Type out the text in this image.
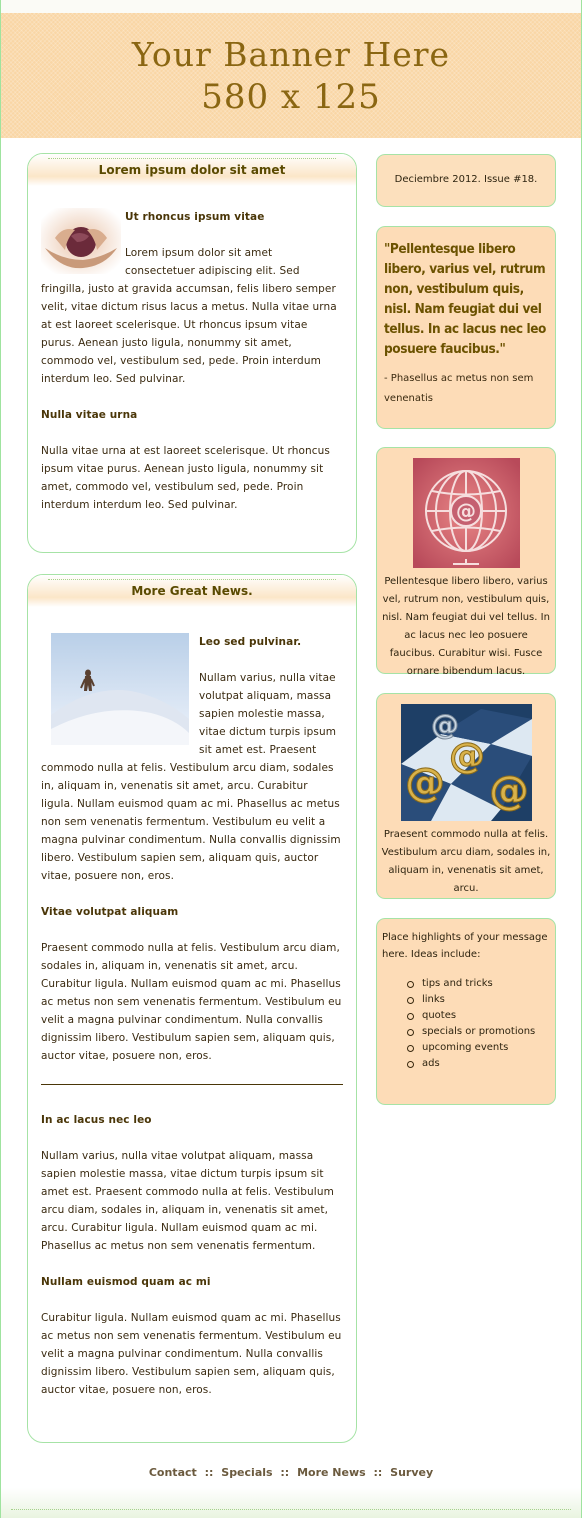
Your Banner Here
580 x 125
Lorem ipsum dolor sit amet
Ut rhoncus ipsum vitae

Lorem ipsum dolor sit amet consectetuer adipiscing elit. Sed fringilla, justo at gravida accumsan, felis libero semper velit, vitae dictum risus lacus a metus. Nulla vitae urna at est laoreet scelerisque. Ut rhoncus ipsum vitae purus. Aenean justo ligula, nonummy sit amet, commodo vel, vestibulum sed, pede. Proin interdum interdum leo. Sed pulvinar.

Nulla vitae urna

Nulla vitae urna at est laoreet scelerisque. Ut rhoncus ipsum vitae purus. Aenean justo ligula, nonummy sit amet, commodo vel, vestibulum sed, pede. Proin interdum interdum leo. Sed pulvinar.

More Great News.
Leo sed pulvinar.

Nullam varius, nulla vitae volutpat aliquam, massa sapien molestie massa, vitae dictum turpis ipsum sit amet est. Praesent commodo nulla at felis. Vestibulum arcu diam, sodales in, aliquam in, venenatis sit amet, arcu. Curabitur ligula. Nullam euismod quam ac mi. Phasellus ac metus non sem venenatis fermentum. Vestibulum eu velit a magna pulvinar condimentum. Nulla convallis dignissim libero. Vestibulum sapien sem, aliquam quis, auctor vitae, posuere non, eros.

Vitae volutpat aliquam

Praesent commodo nulla at felis. Vestibulum arcu diam, sodales in, aliquam in, venenatis sit amet, arcu. Curabitur ligula. Nullam euismod quam ac mi. Phasellus ac metus non sem venenatis fermentum. Vestibulum eu velit a magna pulvinar condimentum. Nulla convallis dignissim libero. Vestibulum sapien sem, aliquam quis, auctor vitae, posuere non, eros.

In ac lacus nec leo

Nullam varius, nulla vitae volutpat aliquam, massa sapien molestie massa, vitae dictum turpis ipsum sit amet est. Praesent commodo nulla at felis. Vestibulum arcu diam, sodales in, aliquam in, venenatis sit amet, arcu. Curabitur ligula. Nullam euismod quam ac mi. Phasellus ac metus non sem venenatis fermentum.

Nullam euismod quam ac mi

Curabitur ligula. Nullam euismod quam ac mi. Phasellus ac metus non sem venenatis fermentum. Vestibulum eu velit a magna pulvinar condimentum. Nulla convallis dignissim libero. Vestibulum sapien sem, aliquam quis, auctor vitae, posuere non, eros.

Deciembre 2012. Issue #18.
"Pellentesque libero libero, varius vel, rutrum non, vestibulum quis, nisl. Nam feugiat dui vel tellus. In ac lacus nec leo posuere faucibus."
- Phasellus ac metus non sem venenatis
@
Pellentesque libero libero, varius vel, rutrum non, vestibulum quis, nisl. Nam feugiat dui vel tellus. In ac lacus nec leo posuere faucibus. Curabitur wisi. Fusce ornare bibendum lacus.
@
@
@
@
Praesent commodo nulla at felis. Vestibulum arcu diam, sodales in, aliquam in, venenatis sit amet, arcu.
Place highlights of your message here. Ideas include:
tips and tricks
links
quotes
specials or promotions
upcoming events
ads
Contact :: Specials :: More News :: Survey
